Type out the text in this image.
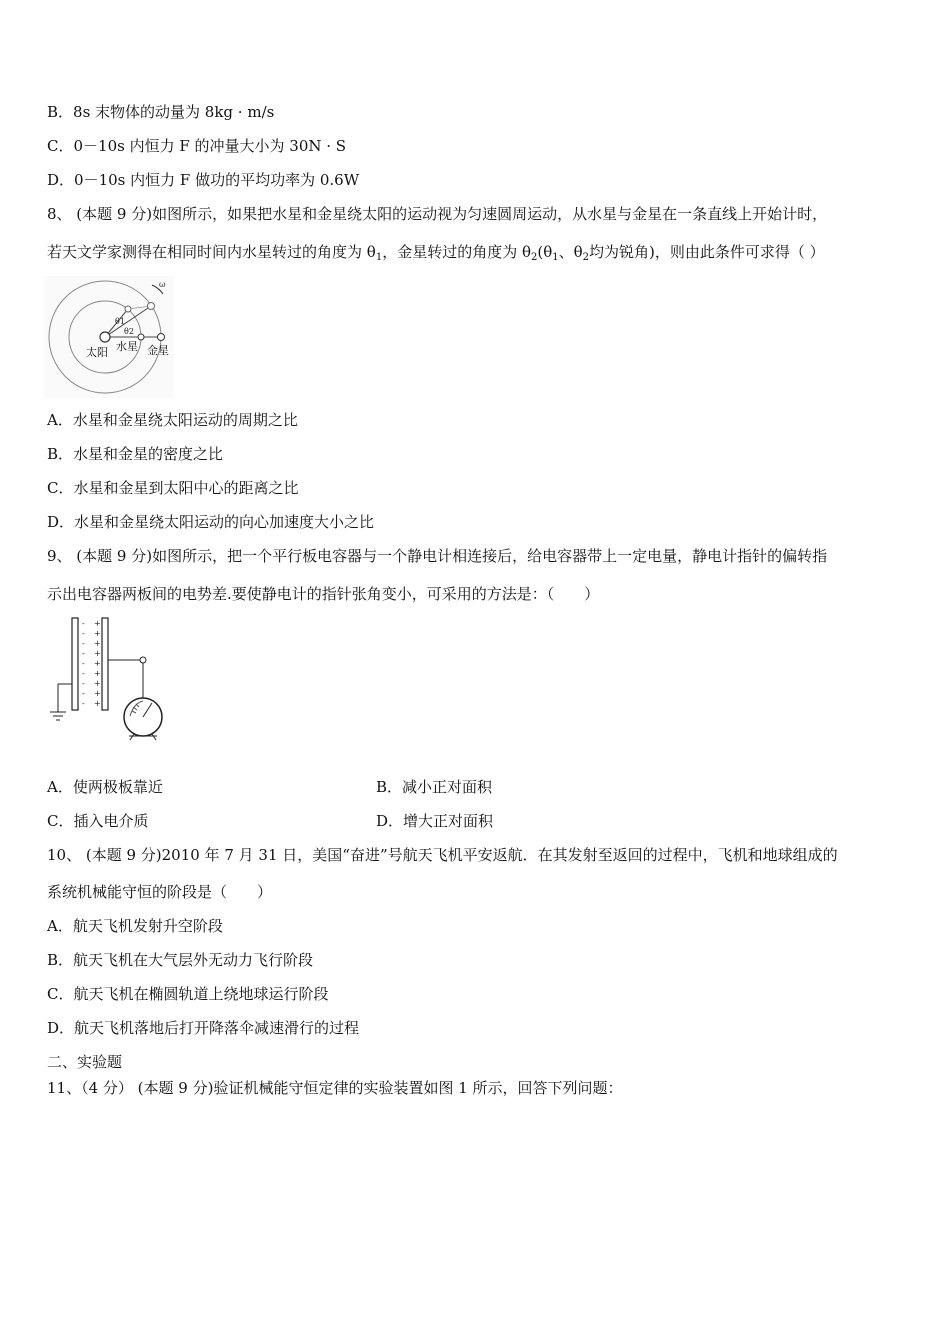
B．8s 末物体的动量为 8kg · m/s
C．0－10s 内恒力 F 的冲量大小为 30N · S
D．0－10s 内恒力 F 做功的平均功率为 0.6W
8、 (本题 9 分)如图所示，如果把水星和金星绕太阳的运动视为匀速圆周运动，从水星与金星在一条直线上开始计时，
若天文学家测得在相同时间内水星转过的角度为 $\theta_1$，金星转过的角度为 $\theta_2(\theta_1$、$\theta_2$均为锐角)，则由此条件可求得（ ）
ω
θ1
θ2
太阳 水星 金星
A．水星和金星绕太阳运动的周期之比
B．水星和金星的密度之比
C．水星和金星到太阳中心的距离之比
D．水星和金星绕太阳运动的向心加速度大小之比
9、 (本题 9 分)如图所示，把一个平行板电容器与一个静电计相连接后，给电容器带上一定电量，静电计指针的偏转指
示出电容器两板间的电势差.要使静电计的指针张角变小，可采用的方法是：（　　）
-
-
-
-
-
-
-
-
-
+
+
+
+
+
+
+
+
+
A．使两极板靠近	B．减小正对面积
C．插入电介质	D．增大正对面积
10、 (本题 9 分)2010 年 7 月 31 日，美国“奋进”号航天飞机平安返航．在其发射至返回的过程中，飞机和地球组成的
系统机械能守恒的阶段是（　　）
A．航天飞机发射升空阶段
B．航天飞机在大气层外无动力飞行阶段
C．航天飞机在椭圆轨道上绕地球运行阶段
D．航天飞机落地后打开降落伞减速滑行的过程
二、实验题
11、（4 分） (本题 9 分)验证机械能守恒定律的实验装置如图 1 所示，回答下列问题：
